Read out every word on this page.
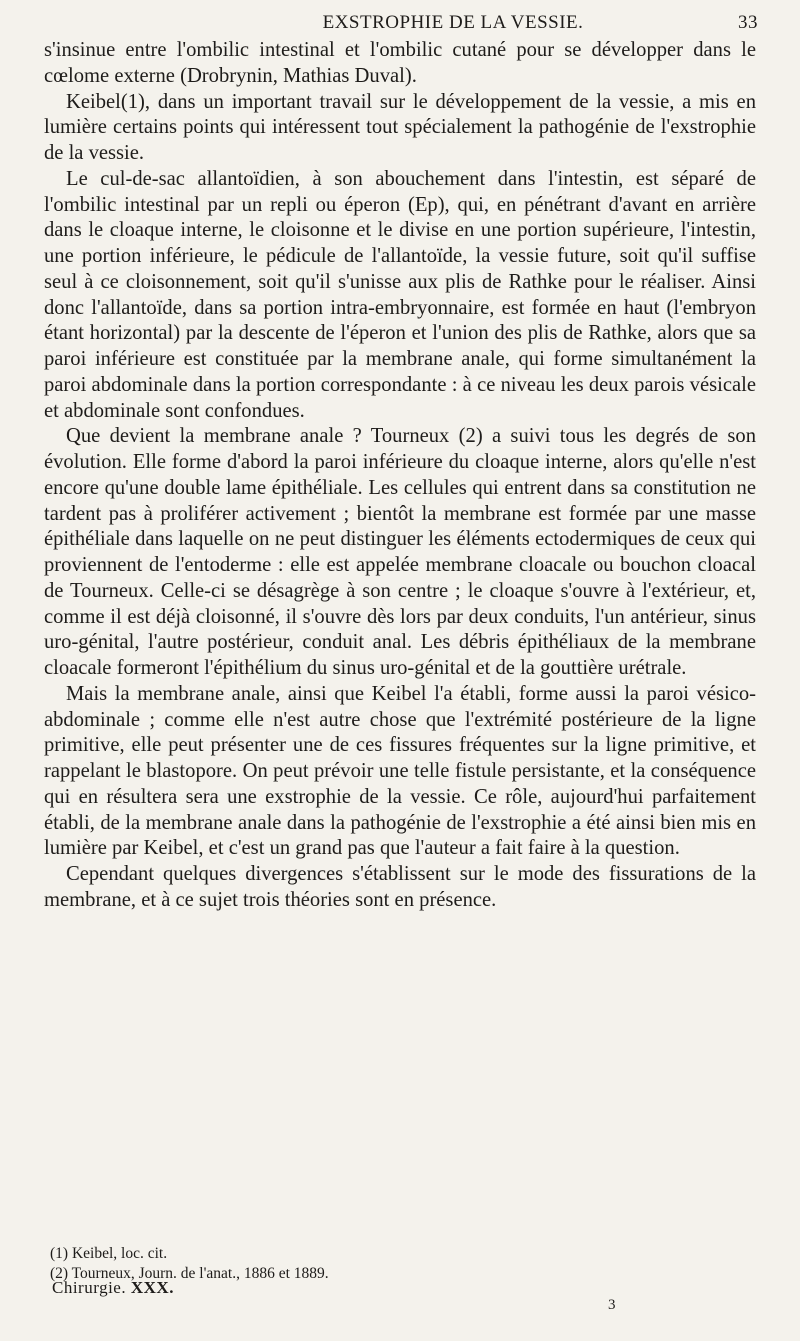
EXSTROPHIE DE LA VESSIE.	33

s'insinue entre l'ombilic intestinal et l'ombilic cutané pour se développer dans le cœlome externe (Drobrynin, Mathias Duval).

Keibel(1), dans un important travail sur le développement de la vessie, a mis en lumière certains points qui intéressent tout spécialement la pathogénie de l'exstrophie de la vessie.

Le cul-de-sac allantoïdien, à son abouchement dans l'intestin, est séparé de l'ombilic intestinal par un repli ou éperon (Ep), qui, en pénétrant d'avant en arrière dans le cloaque interne, le cloisonne et le divise en une portion supérieure, l'intestin, une portion inférieure, le pédicule de l'allantoïde, la vessie future, soit qu'il suffise seul à ce cloisonnement, soit qu'il s'unisse aux plis de Rathke pour le réaliser. Ainsi donc l'allantoïde, dans sa portion intra-embryonnaire, est formée en haut (l'embryon étant horizontal) par la descente de l'éperon et l'union des plis de Rathke, alors que sa paroi inférieure est constituée par la membrane anale, qui forme simultanément la paroi abdominale dans la portion correspondante : à ce niveau les deux parois vésicale et abdominale sont confondues.

Que devient la membrane anale ? Tourneux (2) a suivi tous les degrés de son évolution. Elle forme d'abord la paroi inférieure du cloaque interne, alors qu'elle n'est encore qu'une double lame épithéliale. Les cellules qui entrent dans sa constitution ne tardent pas à proliférer activement ; bientôt la membrane est formée par une masse épithéliale dans laquelle on ne peut distinguer les éléments ectodermiques de ceux qui proviennent de l'entoderme : elle est appelée membrane cloacale ou bouchon cloacal de Tourneux. Celle-ci se désagrège à son centre ; le cloaque s'ouvre à l'extérieur, et, comme il est déjà cloisonné, il s'ouvre dès lors par deux conduits, l'un antérieur, sinus uro-génital, l'autre postérieur, conduit anal. Les débris épithéliaux de la membrane cloacale formeront l'épithélium du sinus uro-génital et de la gouttière urétrale.

Mais la membrane anale, ainsi que Keibel l'a établi, forme aussi la paroi vésico-abdominale ; comme elle n'est autre chose que l'extrémité postérieure de la ligne primitive, elle peut présenter une de ces fissures fréquentes sur la ligne primitive, et rappelant le blastopore. On peut prévoir une telle fistule persistante, et la conséquence qui en résultera sera une exstrophie de la vessie. Ce rôle, aujourd'hui parfaitement établi, de la membrane anale dans la pathogénie de l'exstrophie a été ainsi bien mis en lumière par Keibel, et c'est un grand pas que l'auteur a fait faire à la question.

Cependant quelques divergences s'établissent sur le mode des fissurations de la membrane, et à ce sujet trois théories sont en présence.

(1) Keibel, loc. cit.
(2) Tourneux, Journ. de l'anat., 1886 et 1889.
Chirurgie. XXX.
3
